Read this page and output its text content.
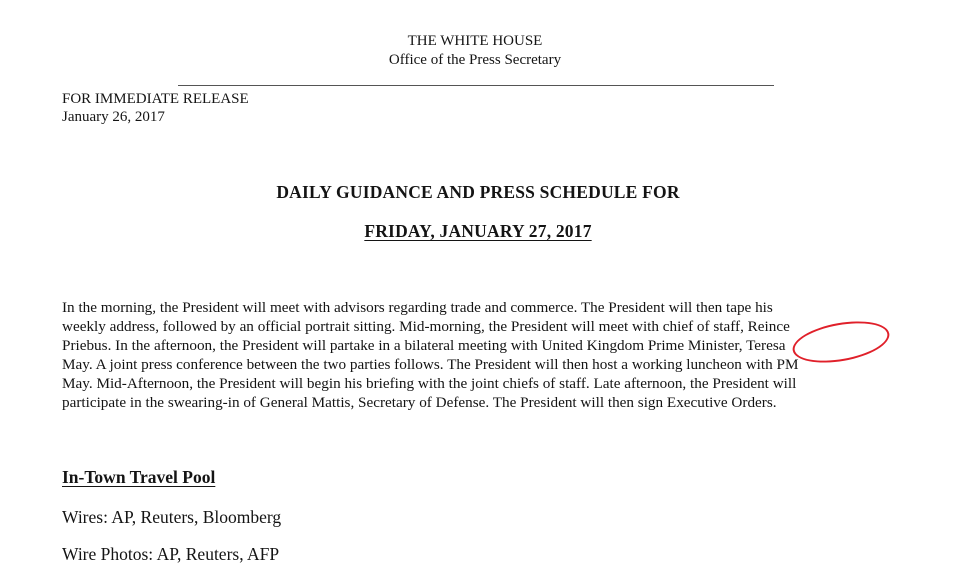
THE WHITE HOUSE
Office of the Press Secretary
FOR IMMEDIATE RELEASE
January 26, 2017
DAILY GUIDANCE AND PRESS SCHEDULE FOR
FRIDAY, JANUARY 27, 2017
In the morning, the President will meet with advisors regarding trade and commerce. The President will then tape his
weekly address, followed by an official portrait sitting. Mid-morning, the President will meet with chief of staff, Reince
Priebus. In the afternoon, the President will partake in a bilateral meeting with United Kingdom Prime Minister, Teresa
May. A joint press conference between the two parties follows. The President will then host a working luncheon with PM
May. Mid-Afternoon, the President will begin his briefing with the joint chiefs of staff. Late afternoon, the President will
participate in the swearing-in of General Mattis, Secretary of Defense. The President will then sign Executive Orders.
In-Town Travel Pool
Wires: AP, Reuters, Bloomberg
Wire Photos: AP, Reuters, AFP
